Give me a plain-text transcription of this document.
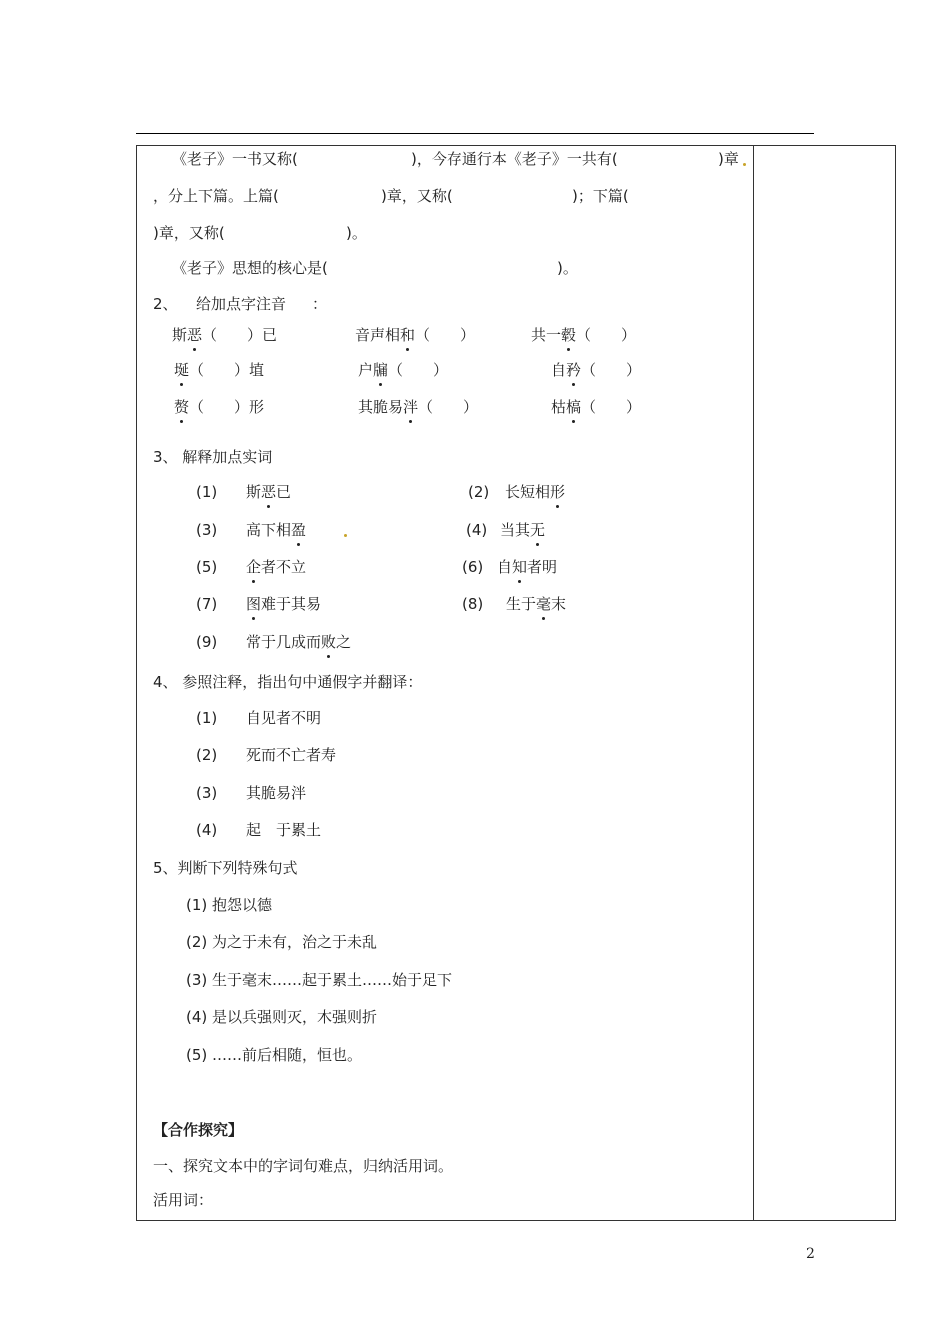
《老子》一书又称(	)，今存通行本《老子》一共有(	)章
，分上下篇。上篇(	)章，又称(	)；下篇(
)章，又称(	)。
《老子》思想的核心是(	)。
2、 给加点字注音 ：
斯恶（　　）已	音声相和（　　）	共一毂（　　）
埏（　　）埴	户牖（　　）	自矜（　　）
赘（　　）形	其脆易泮（　　）	枯槁（　　）
3、 解释加点实词
(1) 斯恶已	(2) 长短相形
(3) 高下相盈	(4) 当其无
(5) 企者不立	(6) 自知者明
(7) 图难于其易	(8) 生于毫末
(9) 常于几成而败之
4、 参照注释，指出句中通假字并翻译：
(1) 自见者不明
(2) 死而不亡者寿
(3) 其脆易泮
(4) 起　于累土
5、判断下列特殊句式
(1) 抱怨以德
(2) 为之于未有，治之于未乱
(3) 生于毫末……起于累土……始于足下
(4) 是以兵强则灭，木强则折
(5) ……前后相随，恒也。
【合作探究】
一、探究文本中的字词句难点，归纳活用词。
活用词：
2
